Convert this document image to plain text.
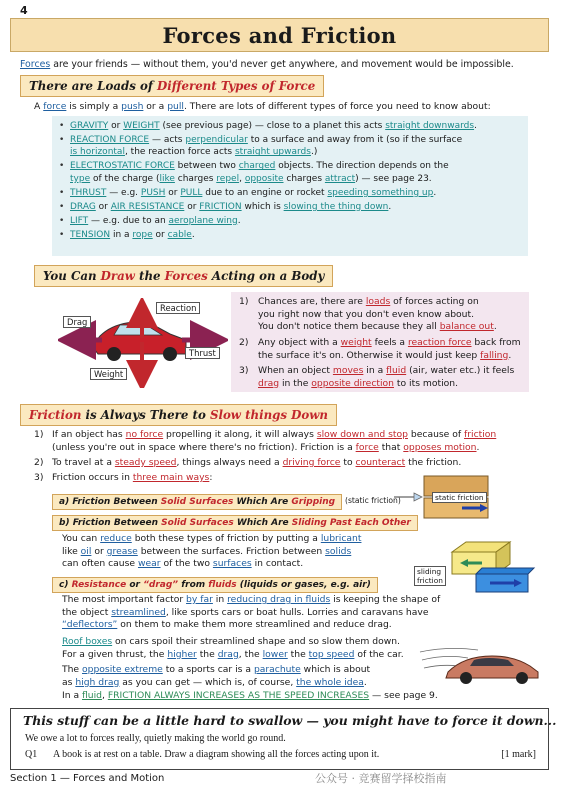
4
Forces and Friction
Forces are your friends — without them, you'd never get anywhere, and movement would be impossible.
There are Loads of Different Types of Force
A force is simply a push or a pull. There are lots of different types of force you need to know about:
• GRAVITY or WEIGHT (see previous page) — close to a planet this acts straight downwards.
• REACTION FORCE — acts perpendicular to a surface and away from it (so if the surface
is horizontal, the reaction force acts straight upwards.)
• ELECTROSTATIC FORCE between two charged objects. The direction depends on the
type of the charge (like charges repel, opposite charges attract) — see page 23.
• THRUST — e.g. PUSH or PULL due to an engine or rocket speeding something up.
• DRAG or AIR RESISTANCE or FRICTION which is slowing the thing down.
• LIFT — e.g. due to an aeroplane wing.
• TENSION in a rope or cable.
You Can Draw the Forces Acting on a Body
Drag
Reaction
Thrust
Weight
1) Chances are, there are loads of forces acting on
you right now that you don't even know about.
You don't notice them because they all balance out.
2) Any object with a weight feels a reaction force back from
the surface it's on. Otherwise it would just keep falling.
3) When an object moves in a fluid (air, water etc.) it feels
drag in the opposite direction to its motion.
Friction is Always There to Slow things Down
1) If an object has no force propelling it along, it will always slow down and stop because of friction
(unless you're out in space where there's no friction). Friction is a force that opposes motion.
2) To travel at a steady speed, things always need a driving force to counteract the friction.
3) Friction occurs in three main ways:
a) Friction Between Solid Surfaces Which Are Gripping	(static friction)	static friction
b) Friction Between Solid Surfaces Which Are Sliding Past Each Other
You can reduce both these types of friction by putting a lubricant
like oil or grease between the surfaces. Friction between solids
can often cause wear of the two surfaces in contact.
sliding
friction
c) Resistance or “drag” from fluids (liquids or gases, e.g. air)
The most important factor by far in reducing drag in fluids is keeping the shape of
the object streamlined, like sports cars or boat hulls. Lorries and caravans have
“deflectors” on them to make them more streamlined and reduce drag.
Roof boxes on cars spoil their streamlined shape and so slow them down.
For a given thrust, the higher the drag, the lower the top speed of the car.
The opposite extreme to a sports car is a parachute which is about
as high drag as you can get — which is, of course, the whole idea.
In a fluid, FRICTION ALWAYS INCREASES AS THE SPEED INCREASES — see page 9.
This stuff can be a little hard to swallow — you might have to force it down...
We owe a lot to forces really, quietly making the world go round.
Q1 A book is at rest on a table. Draw a diagram showing all the forces acting upon it.	[1 mark]
Section 1 — Forces and Motion	公众号 · 竞赛留学择校指南
